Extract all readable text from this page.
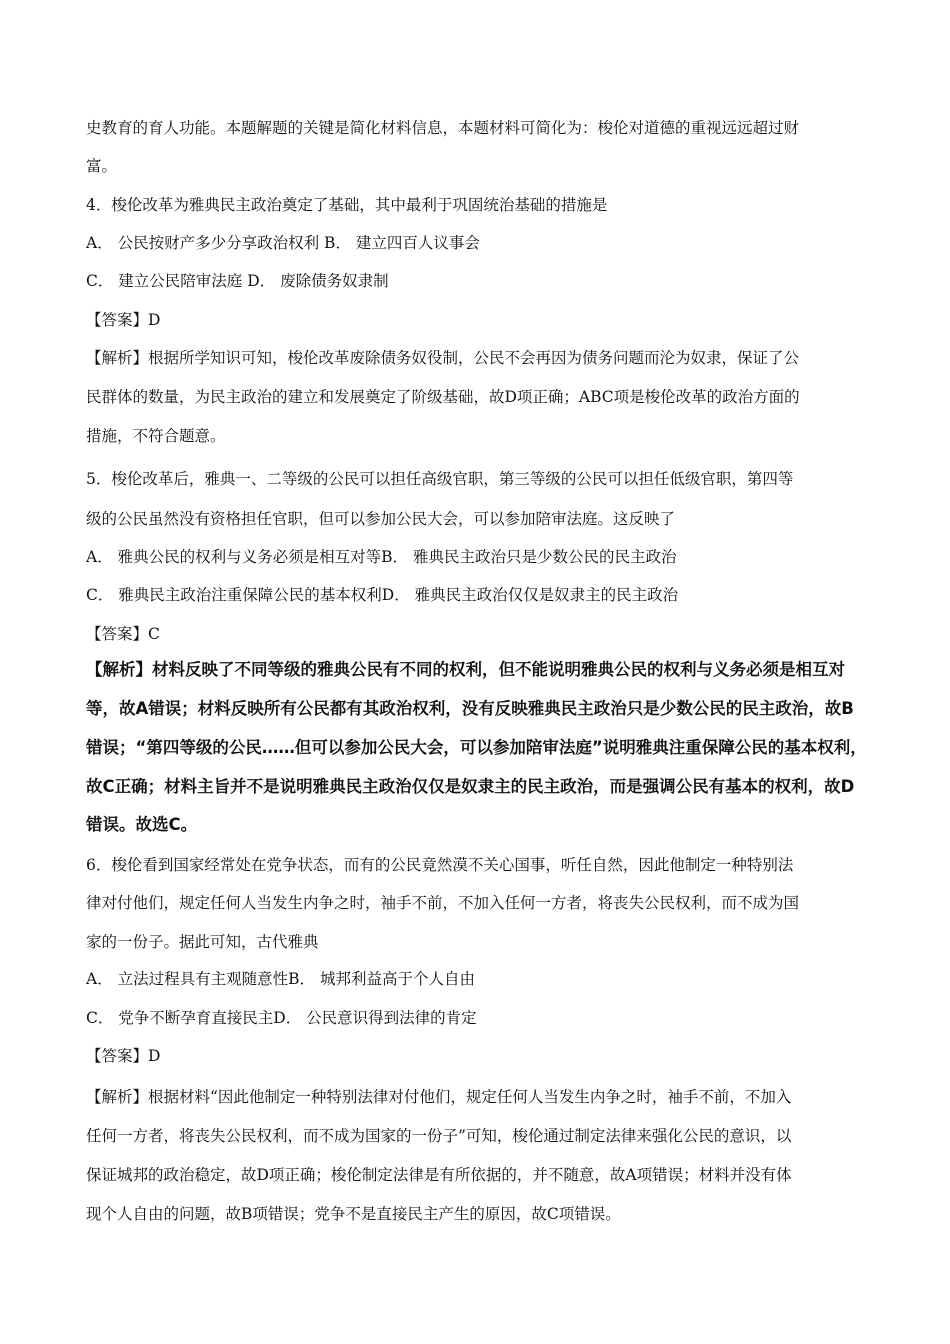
史教育的育人功能。本题解题的关键是简化材料信息，本题材料可简化为：梭伦对道德的重视远远超过财
富。
4．梭伦改革为雅典民主政治奠定了基础，其中最利于巩固统治基础的措施是
A． 公民按财产多少分享政治权利 B． 建立四百人议事会
C． 建立公民陪审法庭 D． 废除债务奴隶制
【答案】D
【解析】根据所学知识可知，梭伦改革废除债务奴役制，公民不会再因为债务问题而沦为奴隶，保证了公
民群体的数量，为民主政治的建立和发展奠定了阶级基础，故D项正确；ABC项是梭伦改革的政治方面的
措施，不符合题意。
5．梭伦改革后，雅典一、二等级的公民可以担任高级官职，第三等级的公民可以担任低级官职，第四等
级的公民虽然没有资格担任官职，但可以参加公民大会，可以参加陪审法庭。这反映了
A． 雅典公民的权利与义务必须是相互对等B． 雅典民主政治只是少数公民的民主政治
C． 雅典民主政治注重保障公民的基本权利D． 雅典民主政治仅仅是奴隶主的民主政治
【答案】C
【解析】材料反映了不同等级的雅典公民有不同的权利，但不能说明雅典公民的权利与义务必须是相互对
等，故A错误；材料反映所有公民都有其政治权利，没有反映雅典民主政治只是少数公民的民主政治，故B
错误；“第四等级的公民……但可以参加公民大会，可以参加陪审法庭”说明雅典注重保障公民的基本权利，
故C正确；材料主旨并不是说明雅典民主政治仅仅是奴隶主的民主政治，而是强调公民有基本的权利，故D
错误。故选C。
6．梭伦看到国家经常处在党争状态，而有的公民竟然漠不关心国事，听任自然，因此他制定一种特别法
律对付他们，规定任何人当发生内争之时，袖手不前，不加入任何一方者，将丧失公民权利，而不成为国
家的一份子。据此可知，古代雅典
A． 立法过程具有主观随意性B． 城邦利益高于个人自由
C． 党争不断孕育直接民主D． 公民意识得到法律的肯定
【答案】D
【解析】根据材料“因此他制定一种特别法律对付他们，规定任何人当发生内争之时，袖手不前，不加入
任何一方者，将丧失公民权利，而不成为国家的一份子”可知，梭伦通过制定法律来强化公民的意识，以
保证城邦的政治稳定，故D项正确；梭伦制定法律是有所依据的，并不随意，故A项错误；材料并没有体
现个人自由的问题，故B项错误；党争不是直接民主产生的原因，故C项错误。
